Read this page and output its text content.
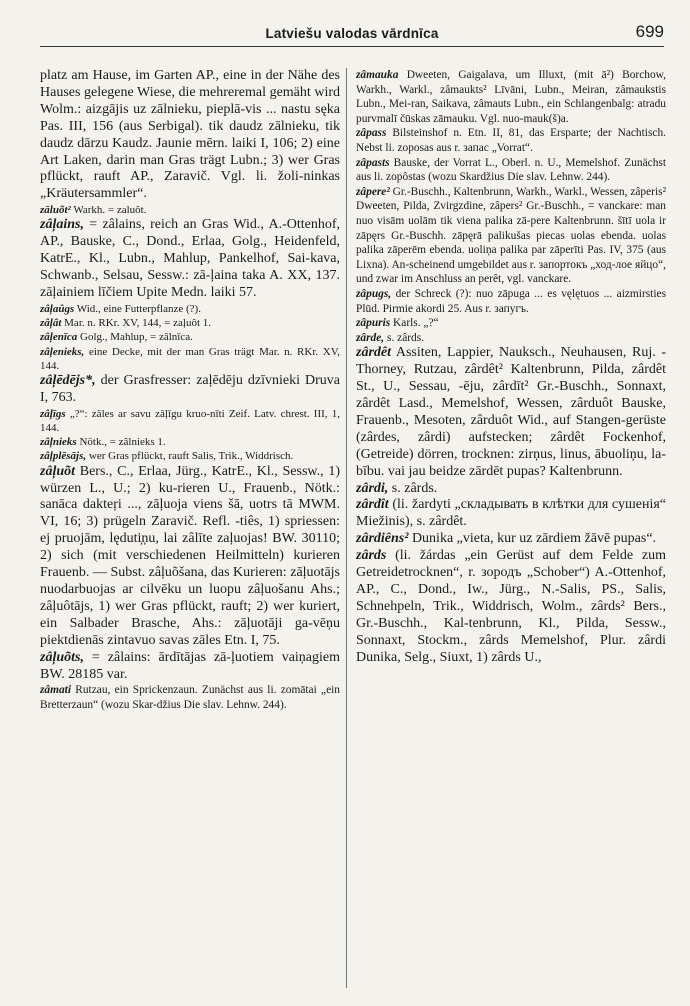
Latviešu valodas vārdnīca	699

platz am Hause, im Garten AP., eine in der Nähe des Hauses gelegene Wiese, die mehreremal gemäht wird Wolm.: aizgājis uz zālnieku, pieplā-vis ... nastu sęka Pas. III, 156 (aus Serbigal). tik daudz zālnieku, tik daudz dārzu Kaudz. Jaunie mērn. laiki I, 106; 2) eine Art Laken, darin man Gras trägt Lubn.; 3) wer Gras pflückt, rauft AP., Zaravič. Vgl. li. žoli-ninkas „Kräutersammler“.

zāluõt² Warkh. = zaluôt.

zâļains, = zâlains, reich an Gras Wid., A.-Ottenhof, AP., Bauske, C., Dond., Erlaa, Golg., Heidenfeld, KatrE., Kl., Lubn., Mahlup, Pankelhof, Sai-kava, Schwanb., Selsau, Sessw.: zā-ļaina taka A. XX, 137. zāļainiem līčiem Upite Medn. laiki 57.

zâļaûgs Wid., eine Futterpflanze (?).

zâļât Mar. n. RKr. XV, 144, = zaļuôt 1.

zâļenīca Golg., Mahlup, = zâlnīca.

zâļenieks, eine Decke, mit der man Gras trägt Mar. n. RKr. XV, 144.

zâļēdējs*, der Grasfresser: zaļēdēju dzīvnieki Druva I, 763.

zâļīgs „?“: zāles ar savu zāļīgu kruo-nīti Zeif. Latv. chrest. III, 1, 144.

zâļnieks Nötk., = zâlnieks 1.

zâļplēsājs, wer Gras pflückt, rauft Salis, Trik., Widdrisch.

zâļuõt Bers., C., Erlaa, Jürg., KatrE., Kl., Sessw., 1) würzen L., U.; 2) ku-rieren U., Frauenb., Nötk.: sanāca dakteŗi ..., zāļuoja viens šā, uotrs tā MWM. VI, 16; 3) prügeln Zaravič. Refl. -tiês, 1) spriessen: ej pruojām, lęduti̦ņu, lai zâlīte zaļuojas! BW. 30110; 2) sich (mit verschiedenen Heilmitteln) kurieren Frauenb. — Subst. zâļuõšana, das Kurieren: zāļuotājs nuodarbuojas ar cilvēku un luopu zâļuošanu Ahs.; zâļuôtājs, 1) wer Gras pflückt, rauft; 2) wer kuriert, ein Salbader Brasche, Ahs.: zāļuotāji ga-vēņu piektdienās zintavuo savas zāles Etn. I, 75.

zâļuõts, = zâlains: ārdītājas zā-ļuotiem vaiņagiem BW. 28185 var.

zâmati Rutzau, ein Sprickenzaun. Zunächst aus li. zomātai „ein Bretterzaun“ (wozu Skar-džius Die slav. Lehnw. 244).

zâmauka Dweeten, Gaigalava, um Illuxt, (mit ā²) Borchow, Warkh., Warkl., zâmaukts² Līvāni, Lubn., Meiran, zâmaukstis Lubn., Mei-ran, Saikava, zâmauts Lubn., ein Schlangenbalg: atradu purvmalī čūskas zāmauku. Vgl. nuo-mauk(š)a.

zâpass Bilsteinshof n. Etn. II, 81, das Ersparte; der Nachtisch. Nebst li. zoposas aus r. запас „Vorrat“.

zâpasts Bauske, der Vorrat L., Oberl. n. U., Memelshof. Zunächst aus li. zopôstas (wozu Skardžius Die slav. Lehnw. 244).

zâpere² Gr.-Buschh., Kaltenbrunn, Warkh., Warkl., Wessen, zâperis² Dweeten, Pilda, Zvirgzdine, zâpers² Gr.-Buschh., = vanckare: man nuo visām uolām tik viena palika zā-pere Kaltenbrunn. šītī uola ir zāpęrs Gr.-Buschh. zāpęrā palikušas piecas uolas ebenda. uolas palika zāperēm ebenda. uoliņa palika par zāperīti Pas. IV, 375 (aus Lixna). An-scheinend umgebildet aus r. запортокъ „ход-лое яйцо“, und zwar im Anschluss an perêt, vgl. vanckare.

zâpugs, der Schreck (?): nuo zāpuga ... es vęlętuos ... aizmirsties Plūd. Pirmie akordi 25. Aus r. запугъ.

zâpuris Karls. „?“

zârde, s. zârds.

zârdêt Assiten, Lappier, Nauksch., Neuhausen, Ruj. - Thorney, Rutzau, zârdêt² Kaltenbrunn, Pilda, zârdêt St., U., Sessau, -ēju, zârdīt² Gr.-Buschh., Sonnaxt, zârdêt Lasd., Memelshof, Wessen, zârduôt Bauske, Frauenb., Mesoten, zârduôt Wid., auf Stangen-gerüste (zârdes, zârdi) aufstecken; zârdêt Fockenhof, (Getreide) dörren, trocknen: zirņus, linus, ābuoliņu, la-bību. vai jau beidze zārdēt pupas? Kaltenbrunn.

zârdi, s. zârds.

zârdît (li. žardyti „складывать в клѣтки для сушенія“ Miežinis), s. zârdêt.

zârdiêns² Dunika „vieta, kur uz zārdiem žāvē pupas“.

zârds (li. žárdas „ein Gerüst auf dem Felde zum Getreidetrocknen“, r. зородъ „Schober“) A.-Ottenhof, AP., C., Dond., Iw., Jürg., N.-Salis, PS., Salis, Schnehpeln, Trik., Widdrisch, Wolm., zârds² Bers., Gr.-Buschh., Kal-tenbrunn, Kl., Pilda, Sessw., Sonnaxt, Stockm., zârds Memelshof, Plur. zârdi Dunika, Selg., Siuxt, 1) zârds U.,
